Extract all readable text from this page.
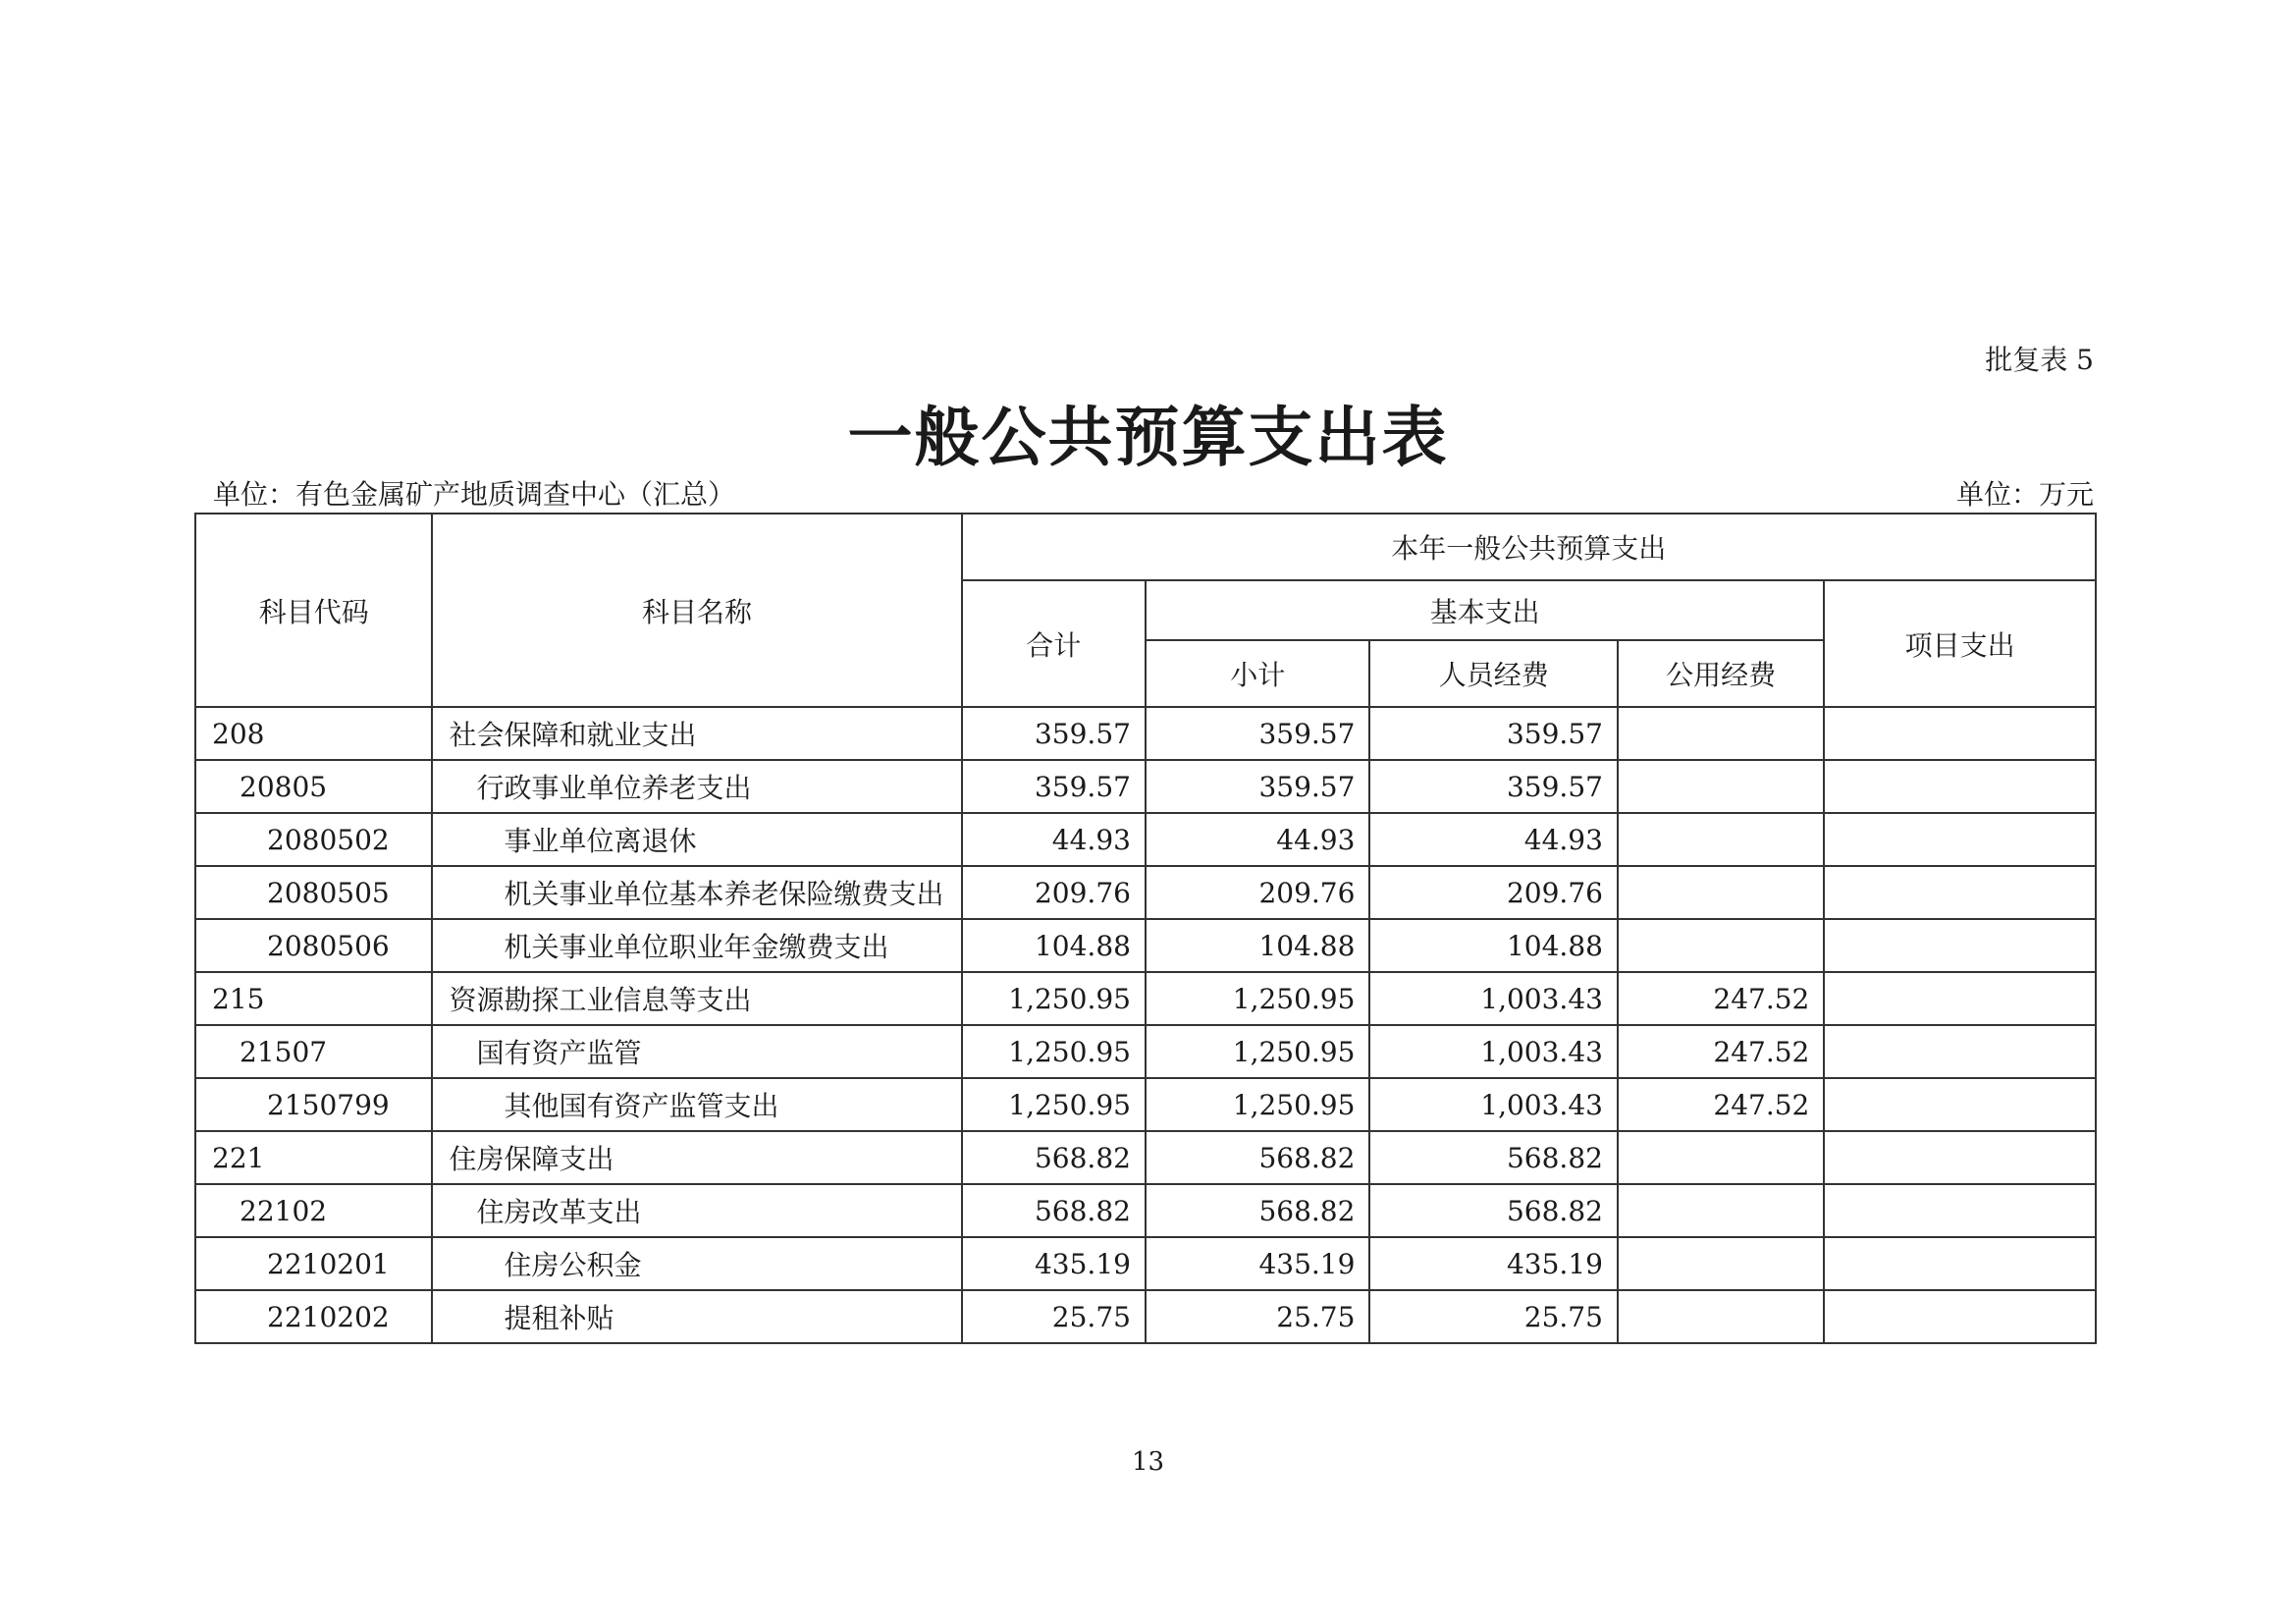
批复表 5
一般公共预算支出表
单位：有色金属矿产地质调查中心（汇总）	单位：万元
科目代码	科目名称	本年一般公共预算支出				
		合计	基本支出			项目支出
			小计	人员经费	公用经费	
208	社会保障和就业支出	359.57	359.57	359.57		
20805	行政事业单位养老支出	359.57	359.57	359.57		
2080502	事业单位离退休	44.93	44.93	44.93		
2080505	机关事业单位基本养老保险缴费支出	209.76	209.76	209.76		
2080506	机关事业单位职业年金缴费支出	104.88	104.88	104.88		
215	资源勘探工业信息等支出	1,250.95	1,250.95	1,003.43	247.52	
21507	国有资产监管	1,250.95	1,250.95	1,003.43	247.52	
2150799	其他国有资产监管支出	1,250.95	1,250.95	1,003.43	247.52	
221	住房保障支出	568.82	568.82	568.82		
22102	住房改革支出	568.82	568.82	568.82		
2210201	住房公积金	435.19	435.19	435.19		
2210202	提租补贴	25.75	25.75	25.75		
13
